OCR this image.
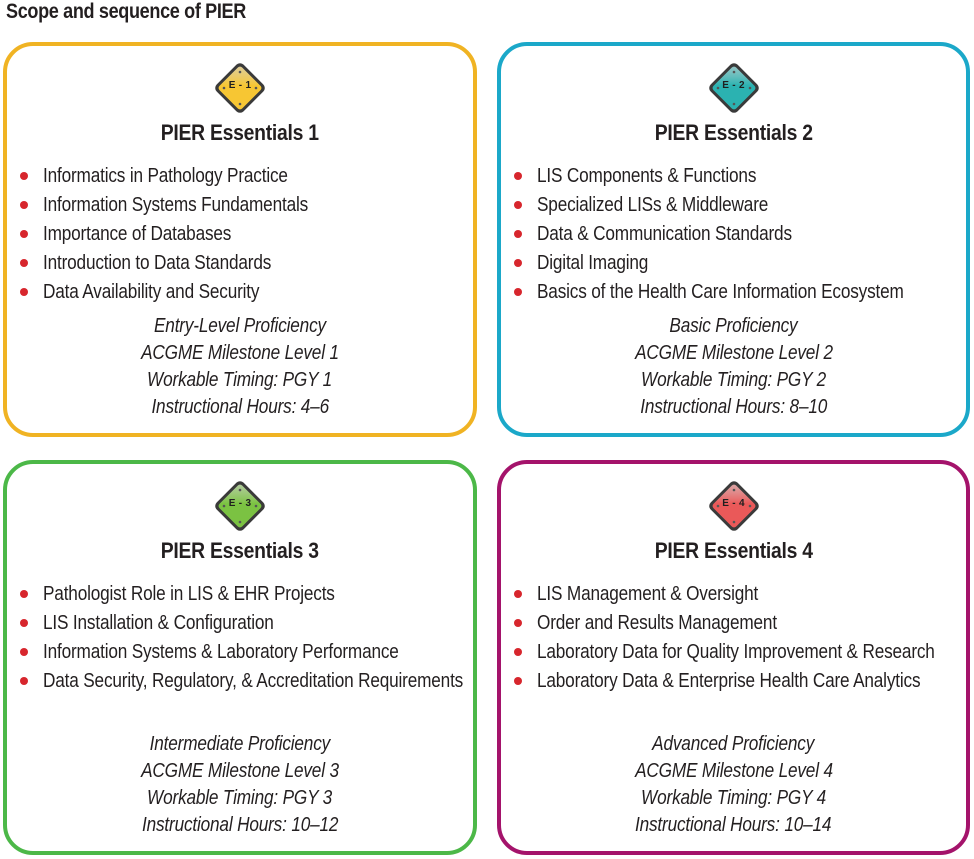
Scope and sequence of PIER
E - 1
PIER Essentials 1
Informatics in Pathology Practice
Information Systems Fundamentals
Importance of Databases
Introduction to Data Standards
Data Availability and Security
Entry-Level Proficiency
ACGME Milestone Level 1
Workable Timing: PGY 1
Instructional Hours: 4–6
E - 2
PIER Essentials 2
LIS Components & Functions
Specialized LISs & Middleware
Data & Communication Standards
Digital Imaging
Basics of the Health Care Information Ecosystem
Basic Proficiency
ACGME Milestone Level 2
Workable Timing: PGY 2
Instructional Hours: 8–10
E - 3
PIER Essentials 3
Pathologist Role in LIS & EHR Projects
LIS Installation & Configuration
Information Systems & Laboratory Performance
Data Security, Regulatory, & Accreditation Requirements
Intermediate Proficiency
ACGME Milestone Level 3
Workable Timing: PGY 3
Instructional Hours: 10–12
E - 4
PIER Essentials 4
LIS Management & Oversight
Order and Results Management
Laboratory Data for Quality Improvement & Research
Laboratory Data & Enterprise Health Care Analytics
Advanced Proficiency
ACGME Milestone Level 4
Workable Timing: PGY 4
Instructional Hours: 10–14
